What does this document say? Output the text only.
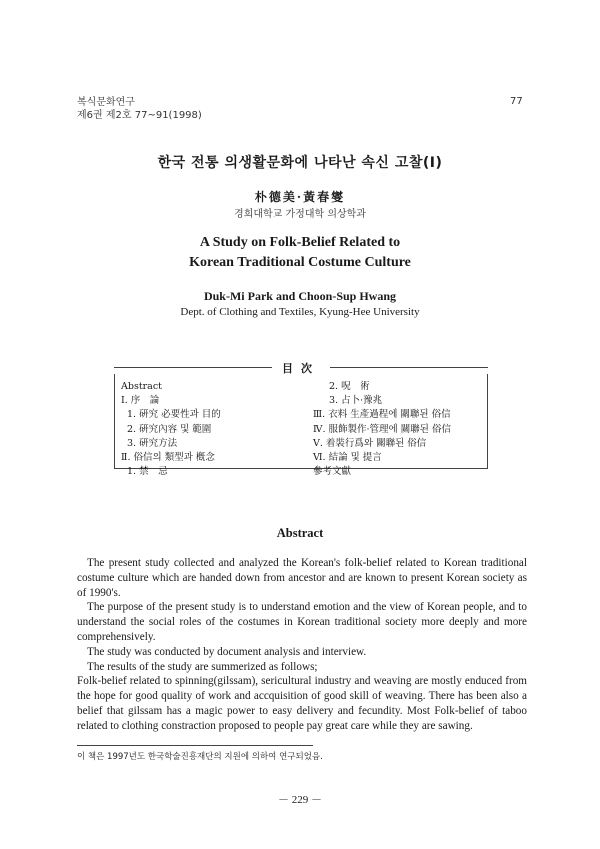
복식문화연구
제6권 제2호 77~91(1998)
77
한국 전통 의생활문화에 나타난 속신 고찰(Ⅰ)
朴德美·黃春燮
경희대학교 가정대학 의상학과
A Study on Folk-Belief Related to
Korean Traditional Costume Culture
Duk-Mi Park and Choon-Sup Hwang
Dept. of Clothing and Textiles, Kyung-Hee University
目次
Abstract
Ⅰ. 序　論
1. 硏究 必要性과 目的
2. 硏究內容 및 範圍
3. 硏究方法
Ⅱ. 俗信의 類型과 槪念
1. 禁　忌
2. 呪　術
3. 占卜·豫兆
Ⅲ. 衣料 生產過程에 關聯된 俗信
Ⅳ. 服飾製作·管理에 關聯된 俗信
Ⅴ. 着裝行爲와 關聯된 俗信
Ⅵ. 結論 및 提言
參考文獻
Abstract

The present study collected and analyzed the Korean's folk-belief related to Korean traditional costume culture which are handed down from ancestor and are known to present Korean society as of 1990's.

The purpose of the present study is to understand emotion and the view of Korean people, and to understand the social roles of the costumes in Korean traditional society more deeply and more comprehensively.

The study was conducted by document analysis and interview.

The results of the study are summerized as follows;

Folk-belief related to spinning(gilssam), sericultural industry and weaving are mostly enduced from the hope for good quality of work and accquisition of good skill of weaving. There has been also a belief that gilssam has a magic power to easy delivery and fecundity. Most Folk-belief of taboo related to clothing constraction proposed to people pay great care while they are sawing.

이 책은 1997년도 한국학술진흥재단의 지원에 의하여 연구되었음.
－ 229 －
